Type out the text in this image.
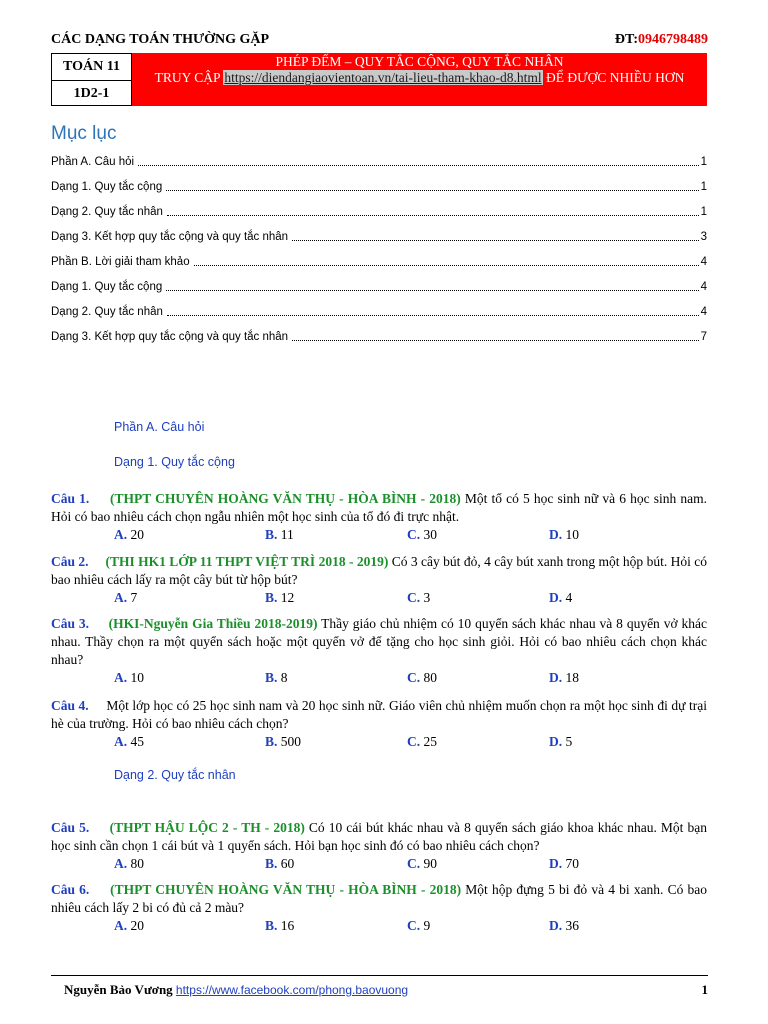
CÁC DẠNG TOÁN THƯỜNG GẶP	ĐT:0946798489
TOÁN 11
1D2-1
PHÉP ĐẾM – QUY TẮC CỘNG, QUY TẮC NHÂN
TRUY CẬP https://diendangiaovientoan.vn/tai-lieu-tham-khao-d8.html ĐỂ ĐƯỢC NHIỀU HƠN
Mục lục
Phần A. Câu hỏi	1
Dạng 1. Quy tắc cộng	1
Dạng 2. Quy tắc nhân	1
Dạng 3. Kết hợp quy tắc cộng và quy tắc nhân	3
Phần B. Lời giải tham khảo	4
Dạng 1. Quy tắc cộng	4
Dạng 2. Quy tắc nhân	4
Dạng 3. Kết hợp quy tắc cộng và quy tắc nhân	7
Phần A. Câu hỏi
Dạng 1. Quy tắc cộng
Câu 1. (THPT CHUYÊN HOÀNG VĂN THỤ - HÒA BÌNH - 2018) Một tổ có 5 học sinh nữ và 6 học sinh nam. Hỏi có bao nhiêu cách chọn ngẫu nhiên một học sinh của tổ đó đi trực nhật.
A. 20	B. 11	C. 30	D. 10
Câu 2. (THI HK1 LỚP 11 THPT VIỆT TRÌ 2018 - 2019) Có 3 cây bút đỏ, 4 cây bút xanh trong một hộp bút. Hỏi có bao nhiêu cách lấy ra một cây bút từ hộp bút?
A. 7	B. 12	C. 3	D. 4
Câu 3. (HKI-Nguyễn Gia Thiều 2018-2019) Thầy giáo chủ nhiệm có 10 quyển sách khác nhau và 8 quyển vở khác nhau. Thầy chọn ra một quyển sách hoặc một quyển vở để tặng cho học sinh giỏi. Hỏi có bao nhiêu cách chọn khác nhau?
A. 10	B. 8	C. 80	D. 18
Câu 4. Một lớp học có 25 học sinh nam và 20 học sinh nữ. Giáo viên chủ nhiệm muốn chọn ra một học sinh đi dự trại hè của trường. Hỏi có bao nhiêu cách chọn?
A. 45	B. 500	C. 25	D. 5
Dạng 2. Quy tắc nhân
Câu 5. (THPT HẬU LỘC 2 - TH - 2018) Có 10 cái bút khác nhau và 8 quyển sách giáo khoa khác nhau. Một bạn học sinh cần chọn 1 cái bút và 1 quyển sách. Hỏi bạn học sinh đó có bao nhiêu cách chọn?
A. 80	B. 60	C. 90	D. 70
Câu 6. (THPT CHUYÊN HOÀNG VĂN THỤ - HÒA BÌNH - 2018) Một hộp đựng 5 bi đỏ và 4 bi xanh. Có bao nhiêu cách lấy 2 bi có đủ cả 2 màu?
A. 20	B. 16	C. 9	D. 36
Nguyễn Bảo Vương https://www.facebook.com/phong.baovuong	1
